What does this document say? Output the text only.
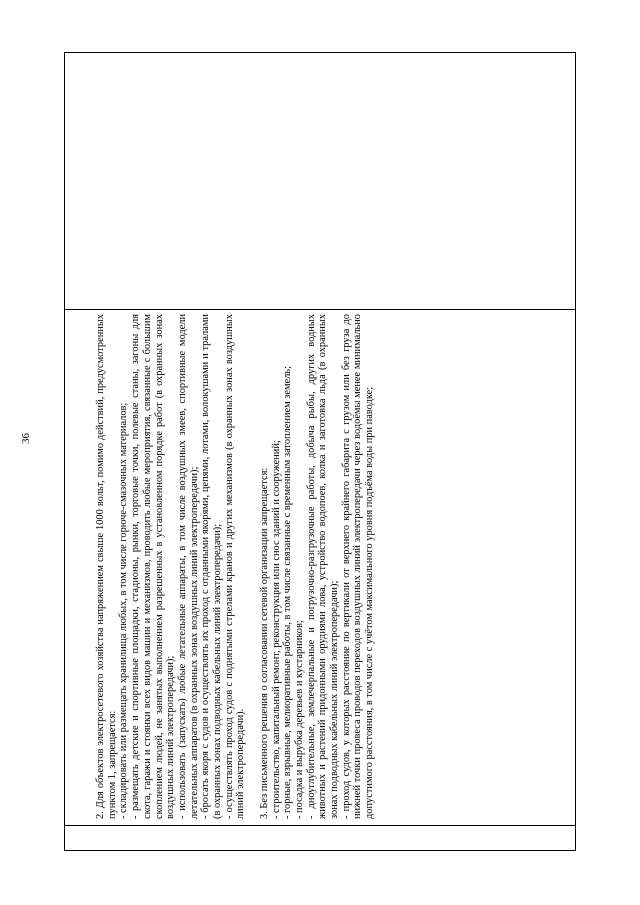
36	2. Для объектов электросетевого хозяйства напряжением свыше 1000 вольт, помимо действий, предусмотренных пунктом 1, запрещается: - складировать или размещать хранилища любых, в том числе горюче-смазочных материалов; - размещать детские и спортивные площадки, стадионы, рынки, торговые точки, полевые станы, загоны для скота, гаражи и стоянки всех видов машин и механизмов, проводить любые мероприятия, связанные с большим скоплением людей, не занятых выполнением разрешенных в установленном порядке работ (в охранных зонах воздушных линий электропередачи); - использовать (запускать) любые летательные аппараты, в том числе воздушных змеев, спортивные модели летательных аппаратов (в охранных зонах воздушных линий электропередачи); - бросать якоря с судов и осуществлять их проход с отданными якорями, цепями, лотами, волокушами и тралами (в охранных зонах подводных кабельных линий электропередачи); - осуществлять проход судов с поднятыми стрелами кранов и других механизмов (в охранных зонах воздушных линий электропередачи). 3. Без письменного решения о согласовании сетевой организации запрещается: - строительство, капитальный ремонт, реконструкция или снос зданий и сооружений; - горные, взрывные, мелиоративные работы, в том числе связанные с временным затоплением земель; - посадка и вырубка деревьев и кустарников; - дноуглубительные, землечерпальные и погрузочно-разгрузочные работы, добыча рыбы, других водных животных и растений придонными орудиями лова, устройство водопоев, колка и заготовка льда (в охранных зонах подводных кабельных линий электропередачи); - проход судов, у которых расстояние по вертикали от верхнего крайнего габарита с грузом или без груза до нижней точки провеса проводов переходов воздушных линий электропередачи через водоёмы менее минимально допустимого расстояния, в том числе с учётом максимального уровня подъёма воды при паводке;
